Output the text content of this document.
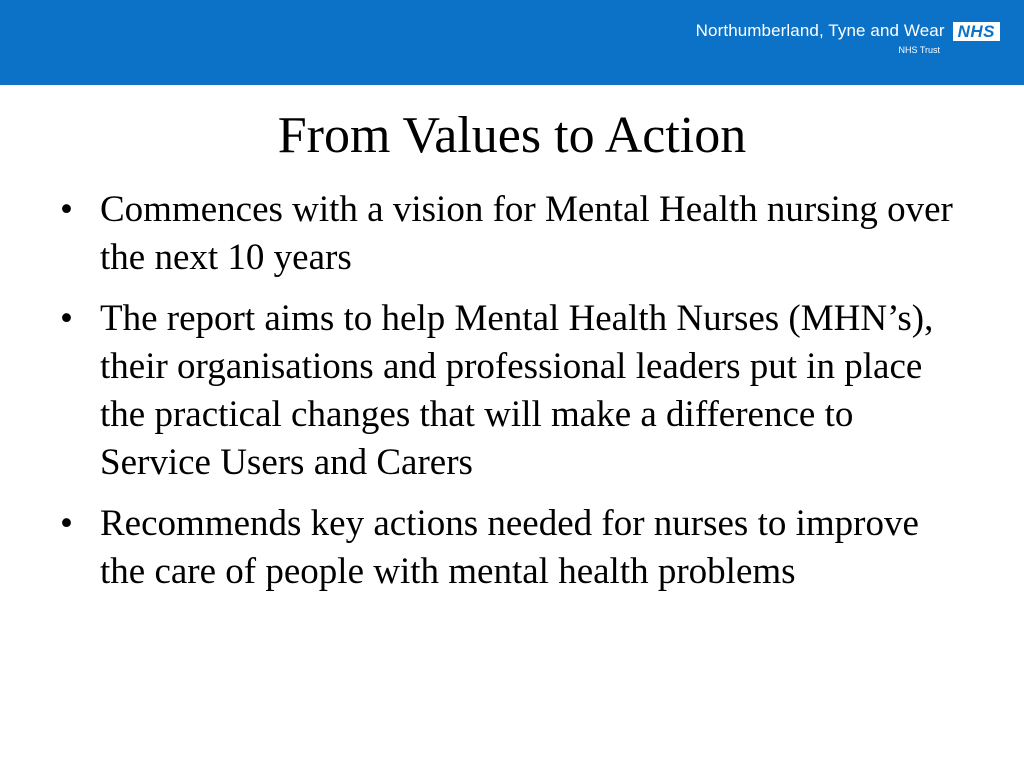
Northumberland, Tyne and Wear NHS
NHS Trust
From Values to Action
• Commences with a vision for Mental Health nursing over the next 10 years
• The report aims to help Mental Health Nurses (MHN’s), their organisations and professional leaders put in place the practical changes that will make a difference to Service Users and Carers
• Recommends key actions needed for nurses to improve the care of people with mental health problems
